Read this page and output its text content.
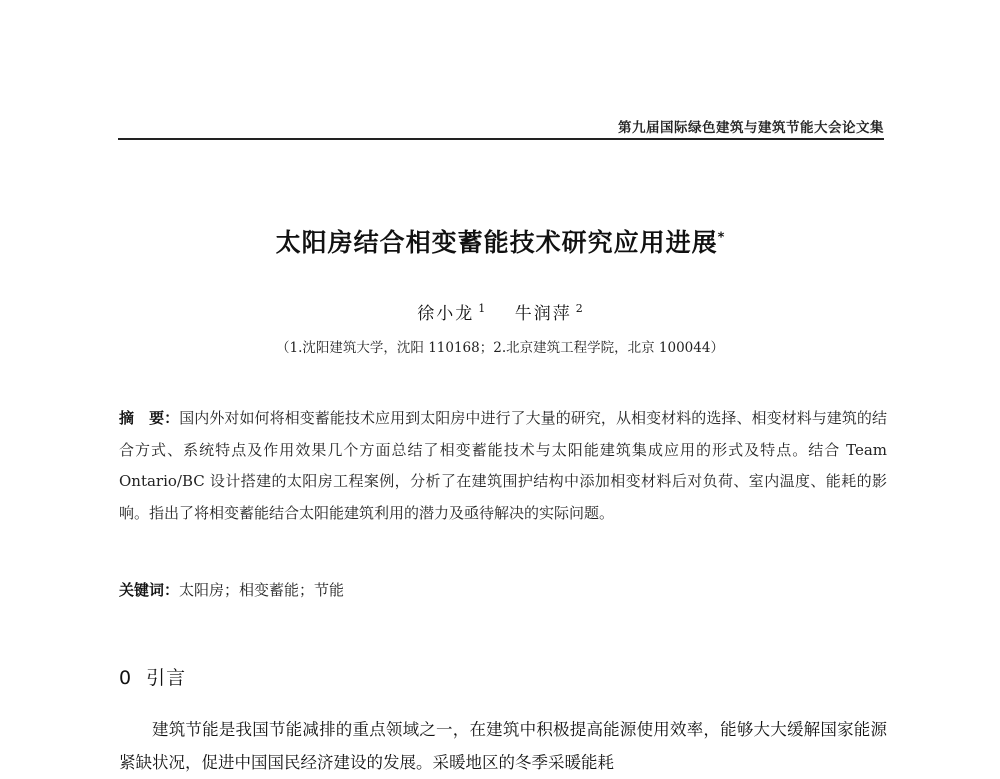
第九届国际绿色建筑与建筑节能大会论文集
太阳房结合相变蓄能技术研究应用进展*
徐小龙 $^1$ 牛润萍 $^2$
（1.沈阳建筑大学，沈阳 110168；2.北京建筑工程学院，北京 100044）
摘　要：国内外对如何将相变蓄能技术应用到太阳房中进行了大量的研究，从相变材料的选择、相变材料与建筑的结合方式、系统特点及作用效果几个方面总结了相变蓄能技术与太阳能建筑集成应用的形式及特点。结合 Team Ontario/BC 设计搭建的太阳房工程案例，分析了在建筑围护结构中添加相变材料后对负荷、室内温度、能耗的影响。指出了将相变蓄能结合太阳能建筑利用的潜力及亟待解决的实际问题。
关键词：太阳房；相变蓄能；节能
0 引言
建筑节能是我国节能减排的重点领域之一，在建筑中积极提高能源使用效率，能够大大缓解国家能源紧缺状况，促进中国国民经济建设的发展。采暖地区的冬季采暖能耗
